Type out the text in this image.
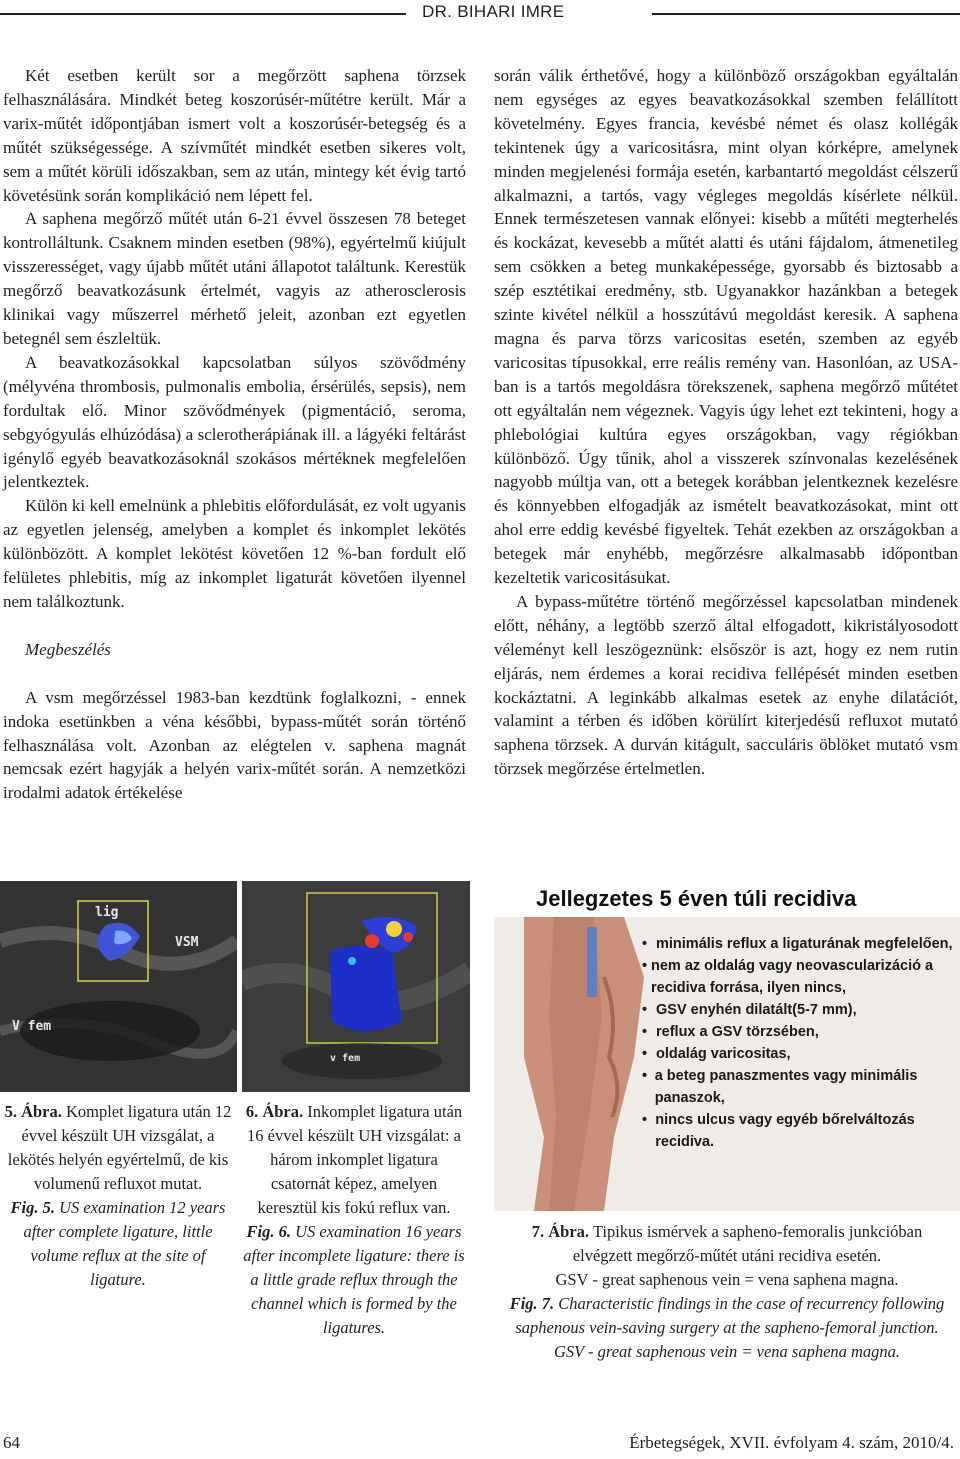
DR. BIHARI IMRE

Két esetben került sor a megőrzött saphena törzsek felhasználására. Mindkét beteg koszorúsér-műtétre került. Már a varix-műtét időpontjában ismert volt a koszorúsér-betegség és a műtét szükségessége. A szívműtét mindkét esetben sikeres volt, sem a műtét körüli időszakban, sem az után, mintegy két évig tartó követésünk során komplikáció nem lépett fel.

A saphena megőrző műtét után 6-21 évvel összesen 78 beteget kontrolláltunk. Csaknem minden esetben (98%), egyértelmű kiújult visszerességet, vagy újabb műtét utáni állapotot találtunk. Kerestük megőrző beavatkozásunk értelmét, vagyis az atherosclerosis klinikai vagy műszerrel mérhető jeleit, azonban ezt egyetlen betegnél sem észleltük.

A beavatkozásokkal kapcsolatban súlyos szövődmény (mélyvéna thrombosis, pulmonalis embolia, érsérülés, sepsis), nem fordultak elő. Minor szövődmények (pigmentáció, seroma, sebgyógyulás elhúzódása) a sclerotherápiának ill. a lágyéki feltárást igénylő egyéb beavatkozásoknál szokásos mértéknek megfelelően jelentkeztek.

Külön ki kell emelnünk a phlebitis előfordulását, ez volt ugyanis az egyetlen jelenség, amelyben a komplet és inkomplet lekötés különbözött. A komplet lekötést követően 12 %-ban fordult elő felületes phlebitis, míg az inkomplet ligaturát követően ilyennel nem találkoztunk.

Megbeszélés

A vsm megőrzéssel 1983-ban kezdtünk foglalkozni, - ennek indoka esetünkben a véna későbbi, bypass-műtét során történő felhasználása volt. Azonban az elégtelen v. saphena magnát nemcsak ezért hagyják a helyén varix-műtét során. A nemzetközi irodalmi adatok értékelése

során válik érthetővé, hogy a különböző országokban egyáltalán nem egységes az egyes beavatkozásokkal szemben felállított követelmény. Egyes francia, kevésbé német és olasz kollégák tekintenek úgy a varicositásra, mint olyan kórképre, amelynek minden megjelenési formája esetén, karbantartó megoldást célszerű alkalmazni, a tartós, vagy végleges megoldás kísérlete nélkül. Ennek természetesen vannak előnyei: kisebb a műtéti megterhelés és kockázat, kevesebb a műtét alatti és utáni fájdalom, átmenetileg sem csökken a beteg munkaképessége, gyorsabb és biztosabb a szép esztétikai eredmény, stb. Ugyanakkor hazánkban a betegek szinte kivétel nélkül a hosszútávú megoldást keresik. A saphena magna és parva törzs varicositas esetén, szemben az egyéb varicositas típusokkal, erre reális remény van. Hasonlóan, az USA-ban is a tartós megoldásra törekszenek, saphena megőrző műtétet ott egyáltalán nem végeznek. Vagyis úgy lehet ezt tekinteni, hogy a phlebológiai kultúra egyes országokban, vagy régiókban különböző. Úgy tűnik, ahol a visszerek színvonalas kezelésének nagyobb múltja van, ott a betegek korábban jelentkeznek kezelésre és könnyebben elfogadják az ismételt beavatkozásokat, mint ott ahol erre eddig kevésbé figyeltek. Tehát ezekben az országokban a betegek már enyhébb, megőrzésre alkalmasabb időpontban kezeltetik varicositásukat.

A bypass-műtétre történő megőrzéssel kapcsolatban mindenek előtt, néhány, a legtöbb szerző által elfogadott, kikristályosodott véleményt kell leszögeznünk: elsőször is azt, hogy ez nem rutin eljárás, nem érdemes a korai recidiva fellépését minden esetben kockáztatni. A leginkább alkalmas esetek az enyhe dilatációt, valamint a térben és időben körülírt kiterjedésű refluxot mutató saphena törzsek. A durván kitágult, sacculáris öblöket mutató vsm törzsek megőrzése értelmetlen.

lig
VSM
V fem
v fem
Jellegzetes 5 éven túli recidiva
• minimális reflux a ligaturának megfelelően,
• nem az oldalág vagy neovascularizáció a recidiva forrása, ilyen nincs,
• GSV enyhén dilatált(5-7 mm),
• reflux a GSV törzsében,
• oldalág varicositas,
• a beteg panaszmentes vagy minimális panaszok,
• nincs ulcus vagy egyéb bőrelváltozás recidiva.
5. Ábra. Komplet ligatura után 12 évvel készült UH vizsgálat, a lekötés helyén egyértelmű, de kis volumenű refluxot mutat.
Fig. 5. US examination 12 years after complete ligature, little volume reflux at the site of ligature.
6. Ábra. Inkomplet ligatura után 16 évvel készült UH vizsgálat: a három inkomplet ligatura csatornát képez, amelyen keresztül kis fokú reflux van.
Fig. 6. US examination 16 years after incomplete ligature: there is a little grade reflux through the channel which is formed by the ligatures.
7. Ábra. Tipikus ismérvek a sapheno-femoralis junkcióban elvégzett megőrző-műtét utáni recidiva esetén.
GSV - great saphenous vein = vena saphena magna.
Fig. 7. Characteristic findings in the case of recurrency following saphenous vein-saving surgery at the sapheno-femoral junction.
GSV - great saphenous vein = vena saphena magna.
64	Érbetegségek, XVII. évfolyam 4. szám, 2010/4.
